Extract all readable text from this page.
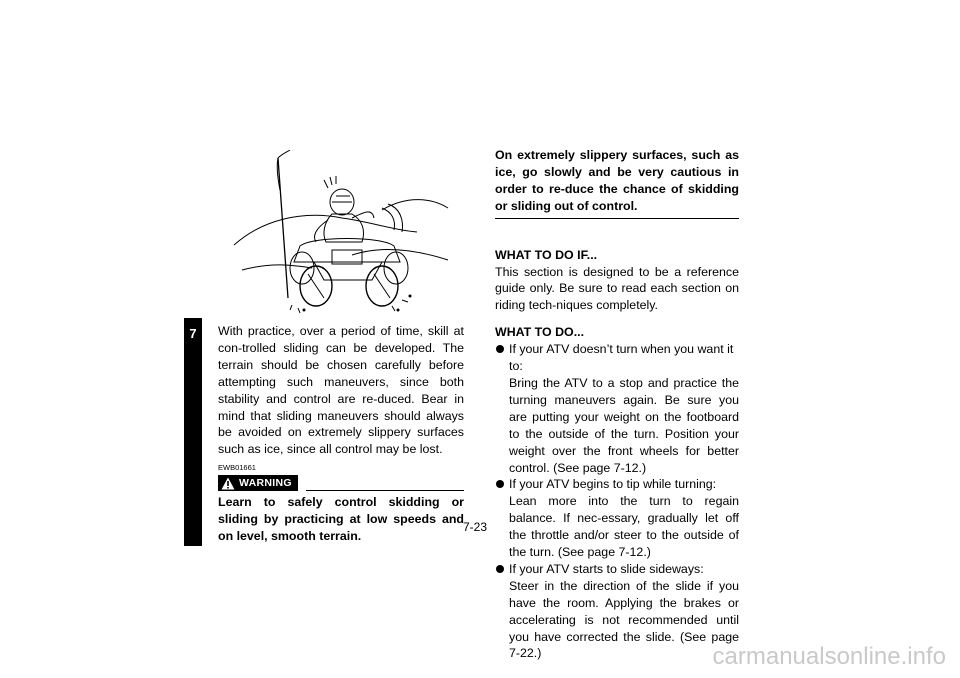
7	With practice, over a period of time, skill at con-trolled sliding can be developed. The terrain should be chosen carefully before attempting such maneuvers, since both stability and control are re-duced. Bear in mind that sliding maneuvers should always be avoided on extremely slippery surfaces such as ice, since all control may be lost.
EWB01661
WARNING
Learn to safely control skidding or sliding by practicing at low speeds and on level, smooth terrain.
On extremely slippery surfaces, such as ice, go slowly and be very cautious in order to re-duce the chance of skidding or sliding out of control.
WHAT TO DO IF...
This section is designed to be a reference guide only. Be sure to read each section on riding tech-niques completely.
WHAT TO DO...
If your ATV doesn’t turn when you want it to:
Bring the ATV to a stop and practice the turning maneuvers again. Be sure you are putting your weight on the footboard to the outside of the turn. Position your weight over the front wheels for better control. (See page 7-12.)
If your ATV begins to tip while turning:
Lean more into the turn to regain balance. If nec-essary, gradually let off the throttle and/or steer to the outside of the turn. (See page 7-12.)
If your ATV starts to slide sideways:
Steer in the direction of the slide if you have the room. Applying the brakes or accelerating is not recommended until you have corrected the slide. (See page 7-22.)
7-23
carmanualsonline.info
